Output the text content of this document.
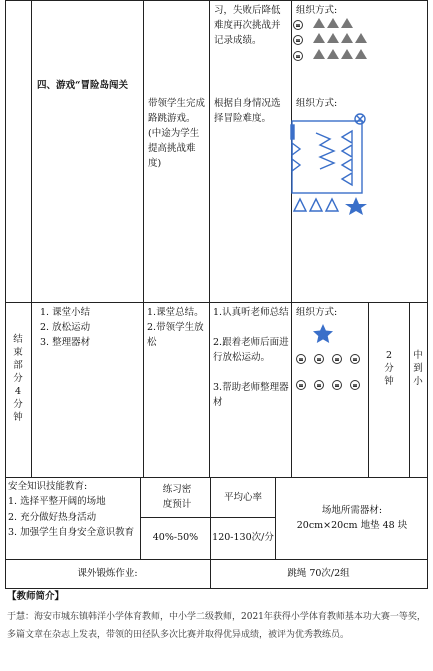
四、游戏“冒险岛闯关
带领学生完成路跳游戏。(中途为学生提高挑战难度)
习，失败后降低难度再次挑战并记录成绩。
根据自身情况选择冒险难度。
组织方式:
组织方式:
结束部分4分钟
1. 课堂小结
2. 放松运动
3. 整理器材
1.课堂总结。
2.带领学生放松
1.认真听老师总结
2.跟着老师后面进行放松运动。
3.帮助老师整理器材
组织方式:
2分钟
中到小
安全知识技能教育:
1. 选择平整开阔的场地
2. 充分做好热身活动
3. 加强学生自身安全意识教育
练习密度预计
40%-50%
平均心率
120-130次/分
场地所需器材:
20cm×20cm 地垫 48 块
课外锻炼作业:	跳绳 70次/2组
【教师简介】
于慧：海安市城东镇韩洋小学体育教师，中小学二级教师，2021年获得小学体育教师基本功大赛一等奖，多篇文章在杂志上发表，带领的田径队多次比赛并取得优异成绩，被评为优秀教练员。
